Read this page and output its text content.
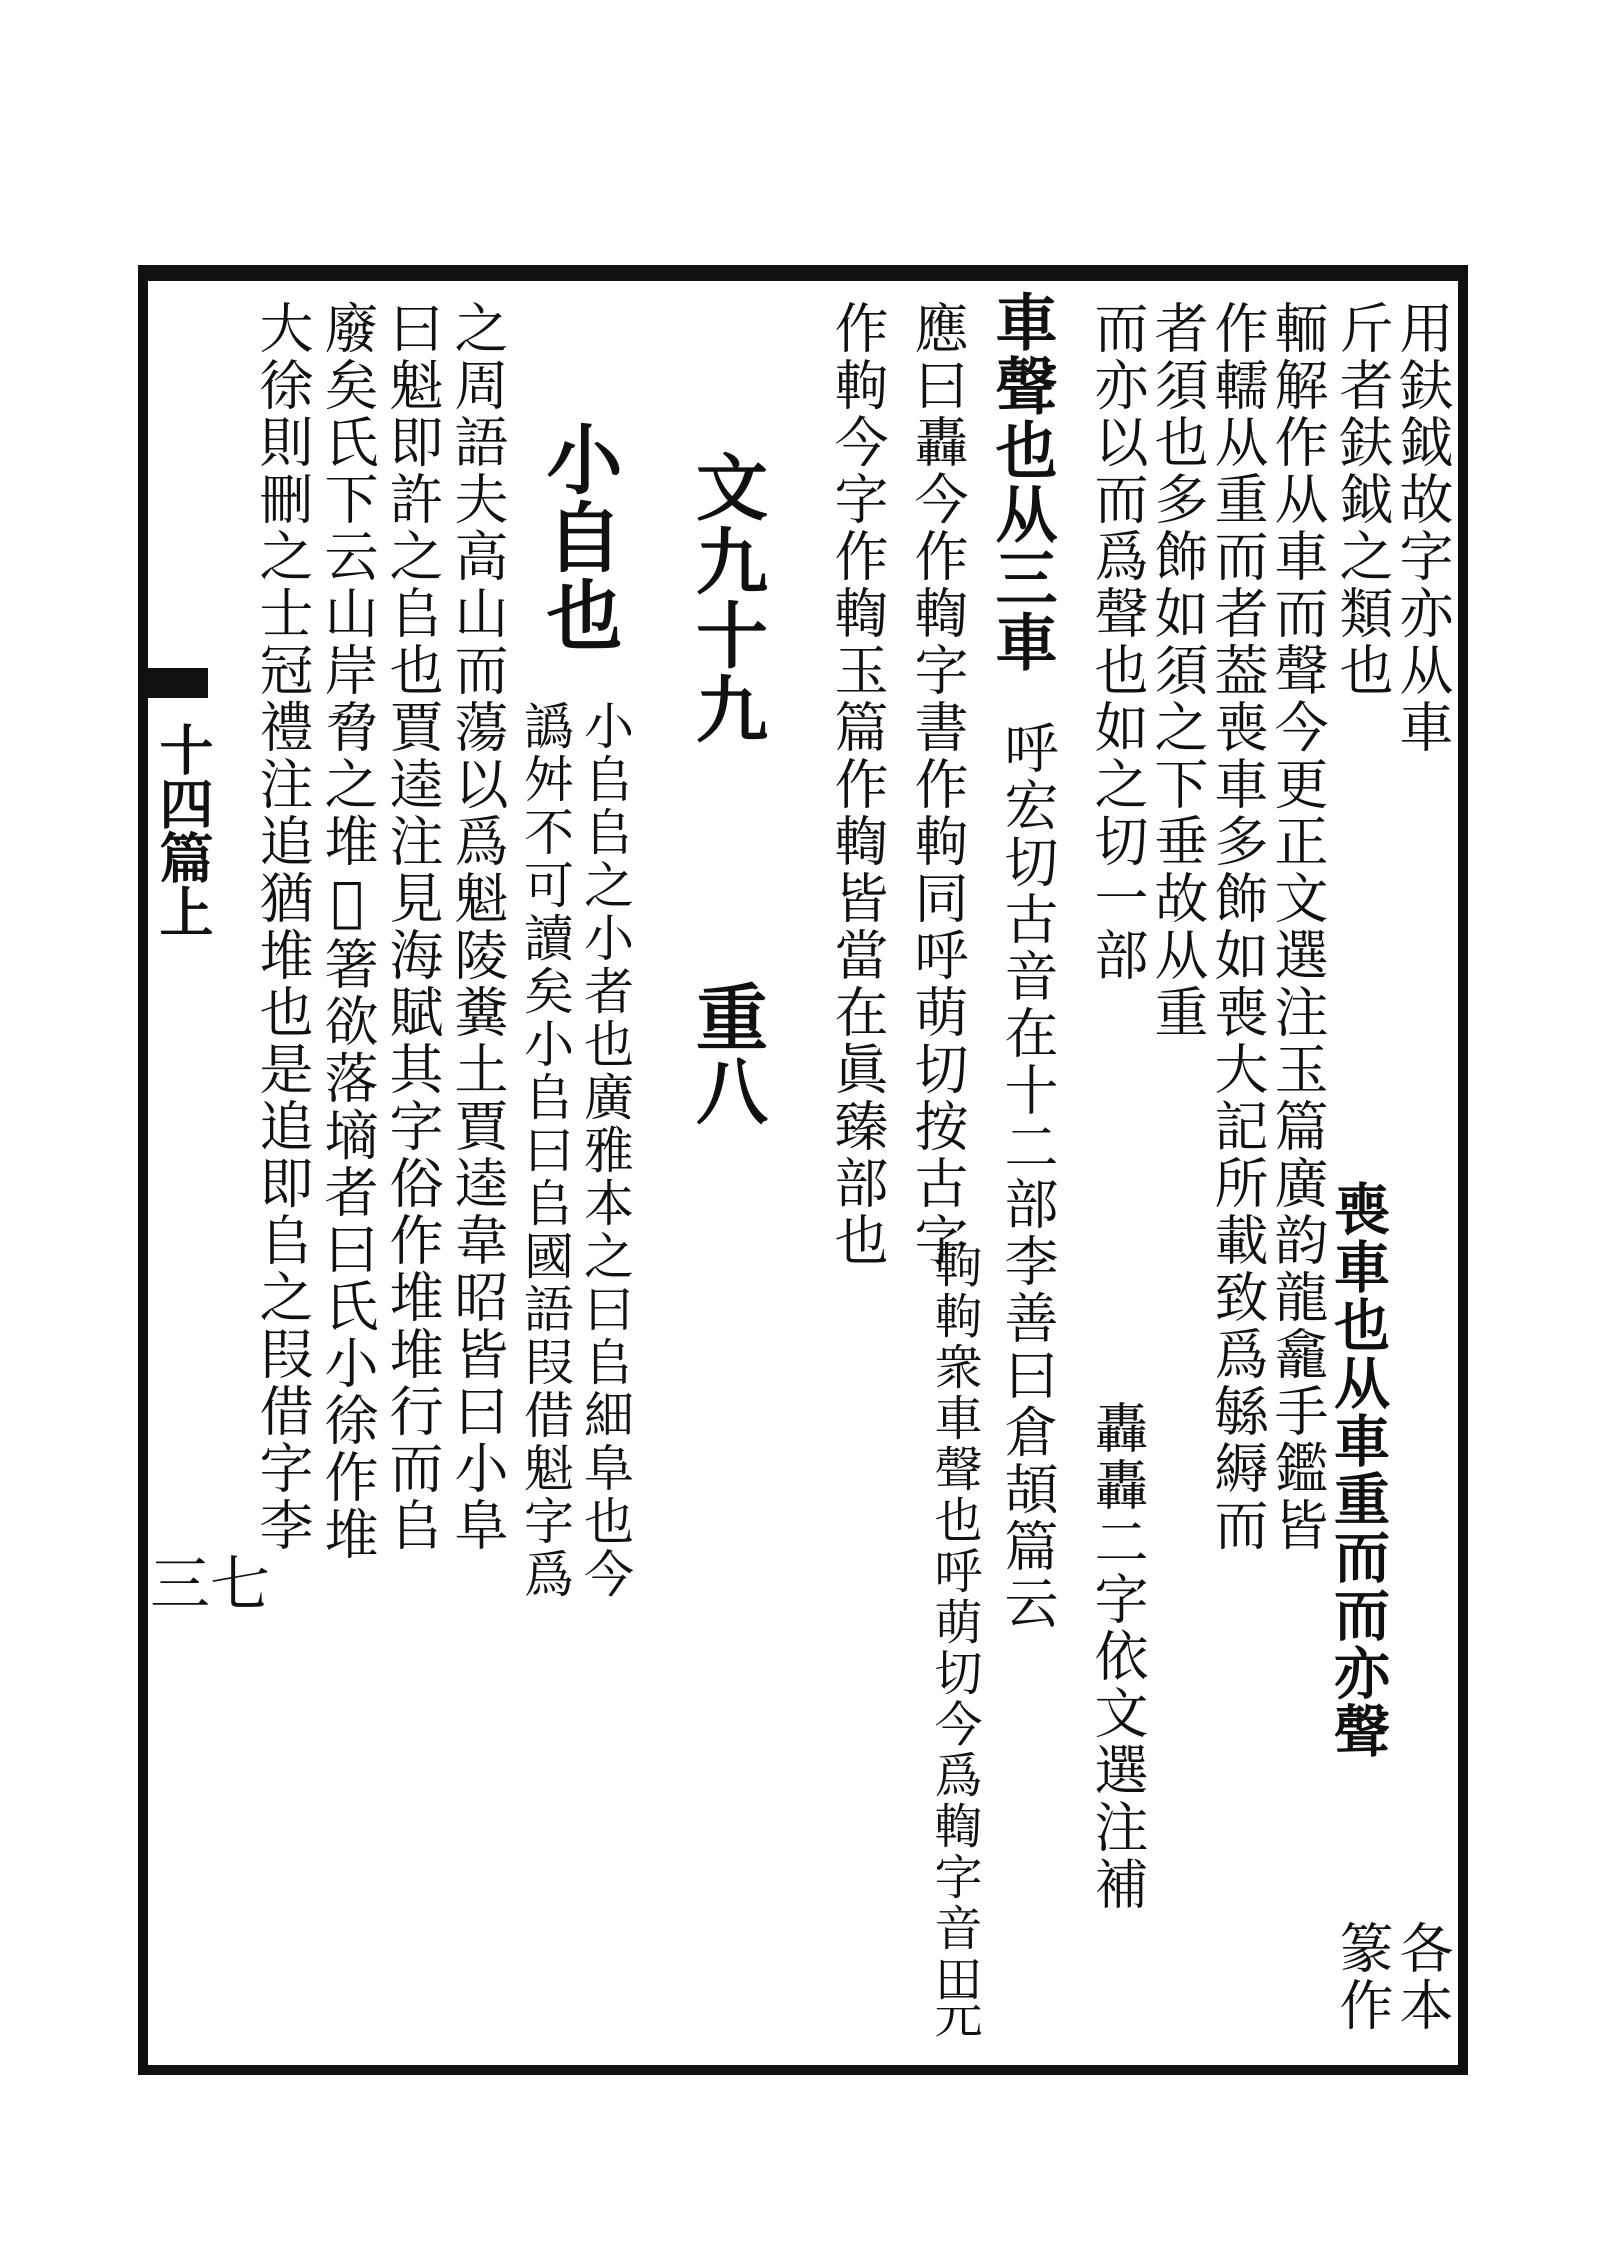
十四篇上
三七
用鈇鉞故字亦从車
各本
斤者鈇鉞之類也
篆作
喪車也从車重而而亦聲
輀解作从車而聲今更正文選注玉篇廣韵龍龕手鑑皆
作轜从重而者葢喪車多飾如喪大記所載致爲緐縟而
者須也多飾如須之下垂故从重
而亦以而爲聲也如之切一部
轟轟二字依文選注補
車聲也从三車
呼宏切古音在十二部李善曰倉頡篇云
應曰轟今作輷字書作軥同呼萌切按古字
軥軥衆車聲也呼萌切今爲輷字音田
元
作軥今字作輷玉篇作輷皆當在眞臻部也
文九十九
重八
小自也
小𠂤𠂤之小者也廣雅本之曰𠂤細阜也今
譌舛不可讀矣小𠂤曰𠂤國語叚借魁字爲
之周語夫高山而蕩以爲魁陵糞土賈逵韋昭皆曰小阜
曰魁即許之𠂤也賈逵注見海賦其字俗作堆堆行而𠂤
廢矣氏下云山岸脅之堆𡴀箸欲落墒者曰氏小徐作堆
大徐則刪之士冠禮注追猶堆也是追即𠂤之叚借字李
